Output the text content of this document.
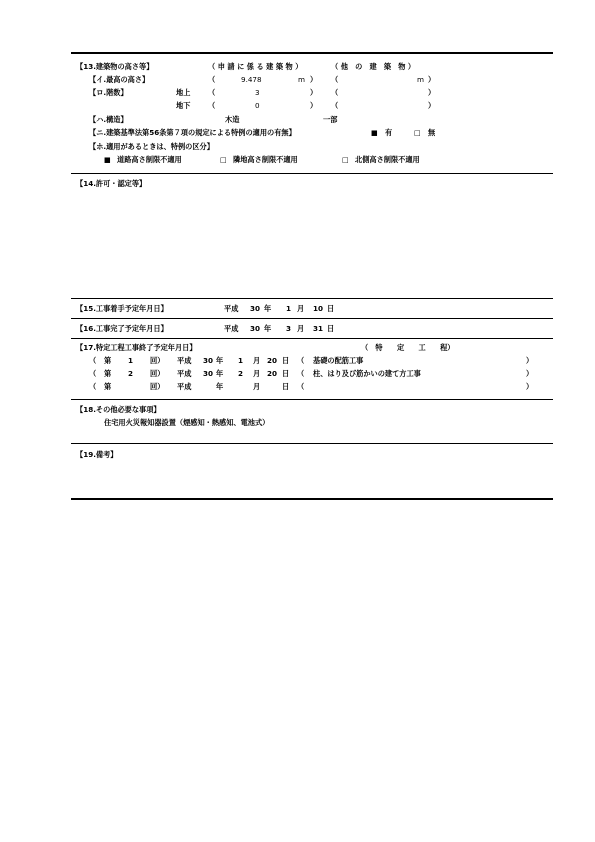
【13.建築物の高さ等】	（ 申 請 に 係 る 建 築 物 ）	（ 他　の　建　築　物 ）
【イ.最高の高さ】	（	9.478	m ） （	m ）
【ロ.階数】	地上 （	3	） （	）
地下 （	0	） （	）
【ハ.構造】	木造	一部
【ニ.建築基準法第56条第７項の規定による特例の適用の有無】	■ 有	□ 無
【ホ.適用があるときは、特例の区分】
■ 道路高さ制限不適用	□ 隣地高さ制限不適用	□ 北側高さ制限不適用
【14.許可・認定等】
【15.工事着手予定年月日】	平成 30 年 1 月 10 日
【16.工事完了予定年月日】	平成 30 年 3 月 31 日
【17.特定工程工事終了予定年月日】	（　特　　定　　工　　程）
（ 第 1 回） 平成 30 年 1 月 20 日 （ 基礎の配筋工事	）
（ 第 2 回） 平成 30 年 2 月 20 日 （ 柱、はり及び筋かいの建て方工事	）
（ 第	回） 平成	年	月	日 （	）
【18.その他必要な事項】
住宅用火災報知器設置（煙感知・熱感知、電池式）
【19.備考】
